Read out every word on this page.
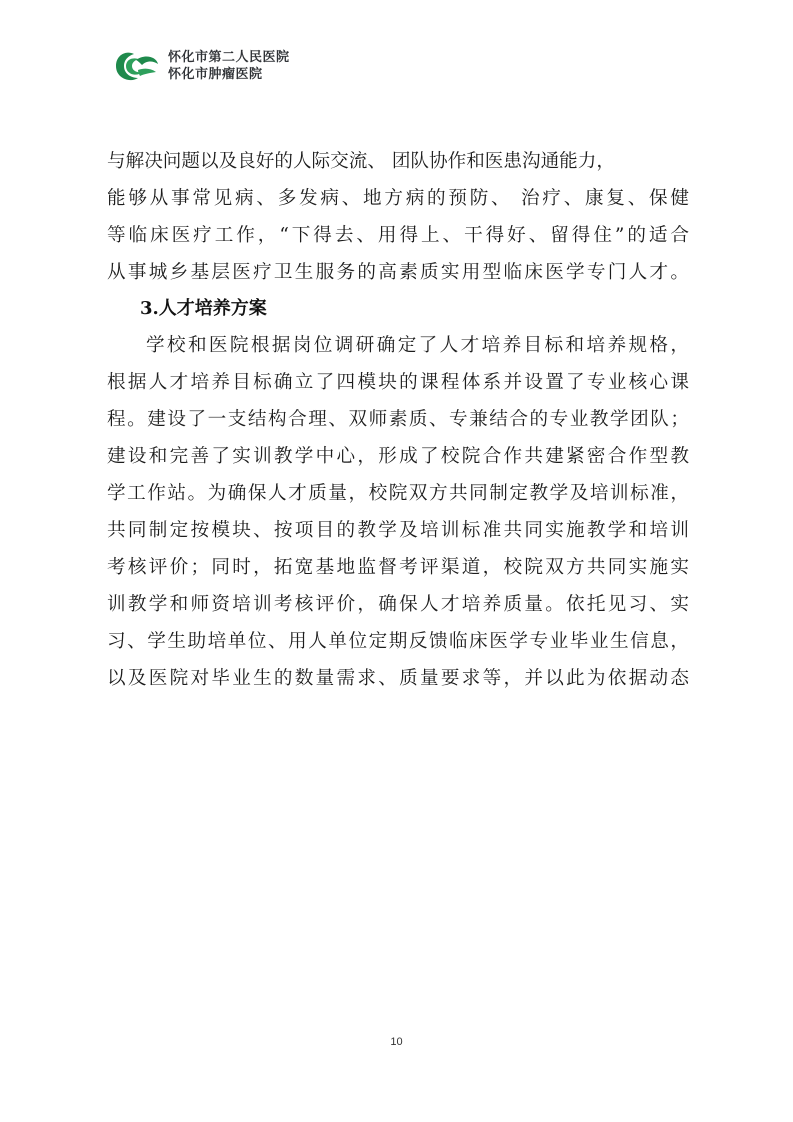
怀化市第二人民医院
怀化市肿瘤医院
与解决问题以及良好的人际交流、 团队协作和医患沟通能力，
能够从事常见病、多发病、地方病的预防、 治疗、康复、保健
等临床医疗工作，“下得去、用得上、干得好、留得住”的适合
从事城乡基层医疗卫生服务的高素质实用型临床医学专门人才。
3.人才培养方案
学校和医院根据岗位调研确定了人才培养目标和培养规格，
根据人才培养目标确立了四模块的课程体系并设置了专业核心课
程。建设了一支结构合理、双师素质、专兼结合的专业教学团队；
建设和完善了实训教学中心，形成了校院合作共建紧密合作型教
学工作站。为确保人才质量，校院双方共同制定教学及培训标准，
共同制定按模块、按项目的教学及培训标准共同实施教学和培训
考核评价；同时，拓宽基地监督考评渠道，校院双方共同实施实
训教学和师资培训考核评价，确保人才培养质量。依托见习、实
习、学生助培单位、用人单位定期反馈临床医学专业毕业生信息，
以及医院对毕业生的数量需求、质量要求等，并以此为依据动态
10
